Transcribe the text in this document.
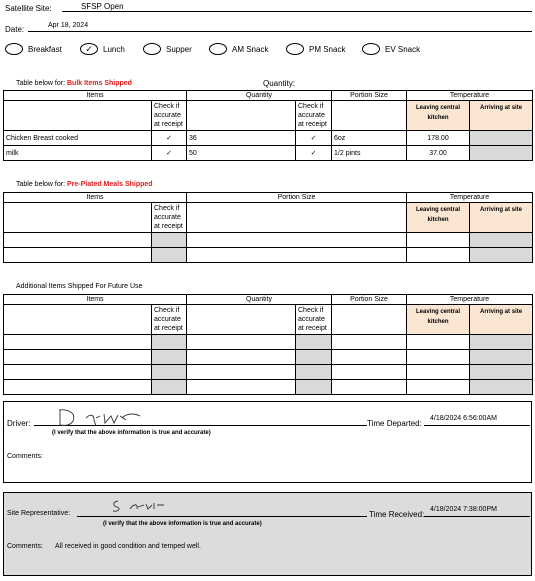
Satellite Site:	SFSP Open
Date:	Apr 18, 2024
Breakfast	✓	Lunch	Supper	AM Snack	PM Snack	EV Snack
Table below for: Bulk Items Shipped	Quantity:
Items		Quantity		Portion Size	Temperature	
	Check if accurate at receipt		Check if accurate at receipt		Leaving central kitchen	Arriving at site
Chicken Breast cooked	✓	36	✓	6oz	178.00	
milk	✓	50	✓	1/2 pints	37.00	
Table below for: Pre-Plated Meals Shipped
Items		Portion Size	Temperature	
	Check if accurate at receipt		Leaving central kitchen	Arriving at site

Additional Items Shipped For Future Use
Items		Quantity		Portion Size	Temperature	
	Check if accurate at receipt		Check if accurate at receipt		Leaving central kitchen	Arriving at site

Driver:
(I verify that the above information is true and accurate)
Time Departed:
4/18/2024 6:56:00AM
Comments:
Site Representative:
(I verify that the above information is true and accurate)
Time Received:
4/18/2024 7:38:00PM
Comments: All received in good condition and temped well.
